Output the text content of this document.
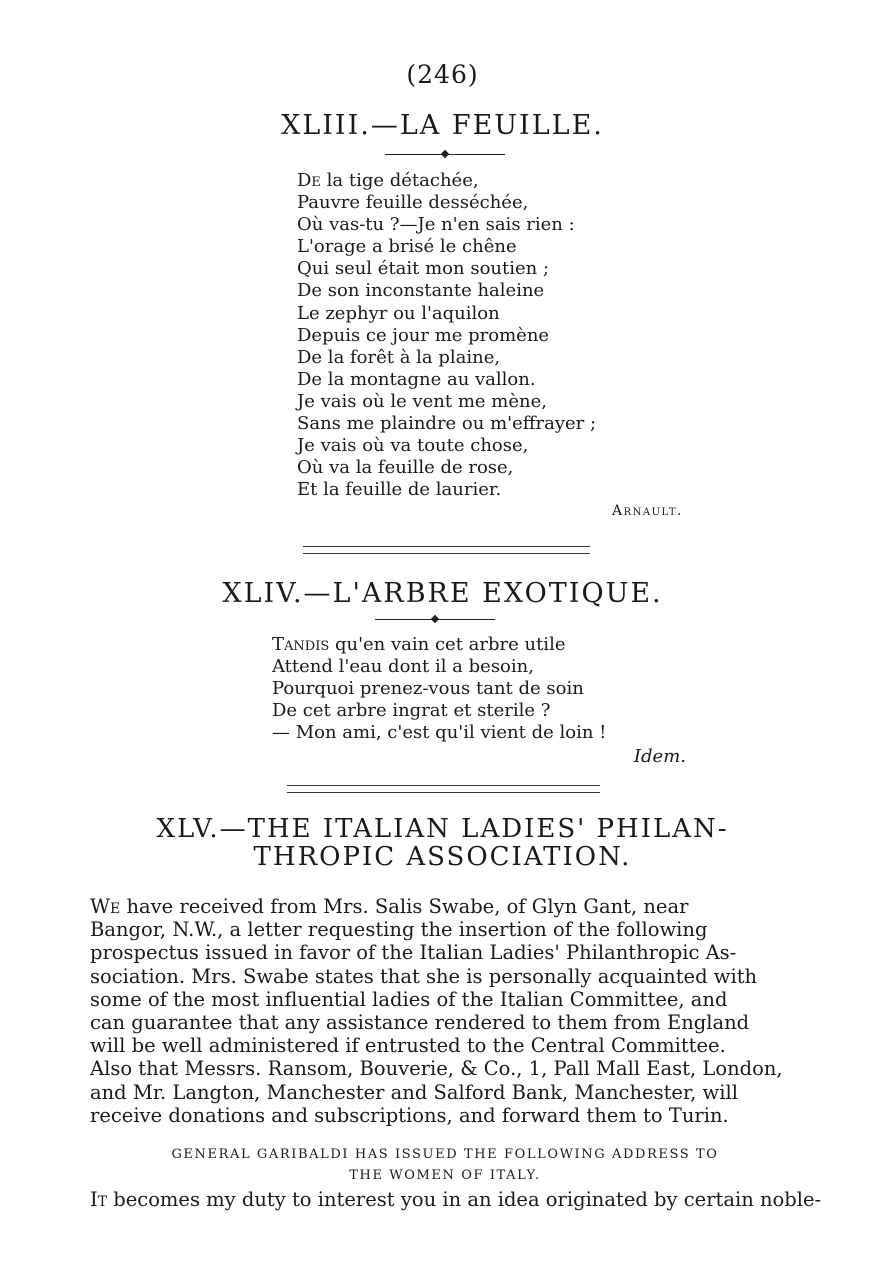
(246)
XLIII.—LA FEUILLE.
De la tige détachée,
Pauvre feuille desséchée,
Où vas-tu ?—Je n'en sais rien :
L'orage a brisé le chêne
Qui seul était mon soutien ;
De son inconstante haleine
Le zephyr ou l'aquilon
Depuis ce jour me promène
De la forêt à la plaine,
De la montagne au vallon.
Je vais où le vent me mène,
Sans me plaindre ou m'effrayer ;
Je vais où va toute chose,
Où va la feuille de rose,
Et la feuille de laurier.
Arnault.
XLIV.—L'ARBRE EXOTIQUE.
Tandis qu'en vain cet arbre utile
Attend l'eau dont il a besoin,
Pourquoi prenez-vous tant de soin
De cet arbre ingrat et sterile ?
— Mon ami, c'est qu'il vient de loin !
Idem.
XLV.—THE ITALIAN LADIES' PHILAN-
THROPIC ASSOCIATION.
We have received from Mrs. Salis Swabe, of Glyn Gant, near
Bangor, N.W., a letter requesting the insertion of the following
prospectus issued in favor of the Italian Ladies' Philanthropic As-
sociation. Mrs. Swabe states that she is personally acquainted with
some of the most influential ladies of the Italian Committee, and
can guarantee that any assistance rendered to them from England
will be well administered if entrusted to the Central Committee.
Also that Messrs. Ransom, Bouverie, & Co., 1, Pall Mall East, London,
and Mr. Langton, Manchester and Salford Bank, Manchester, will
receive donations and subscriptions, and forward them to Turin.
GENERAL GARIBALDI HAS ISSUED THE FOLLOWING ADDRESS TO
THE WOMEN OF ITALY.
It becomes my duty to interest you in an idea originated by certain noble-
